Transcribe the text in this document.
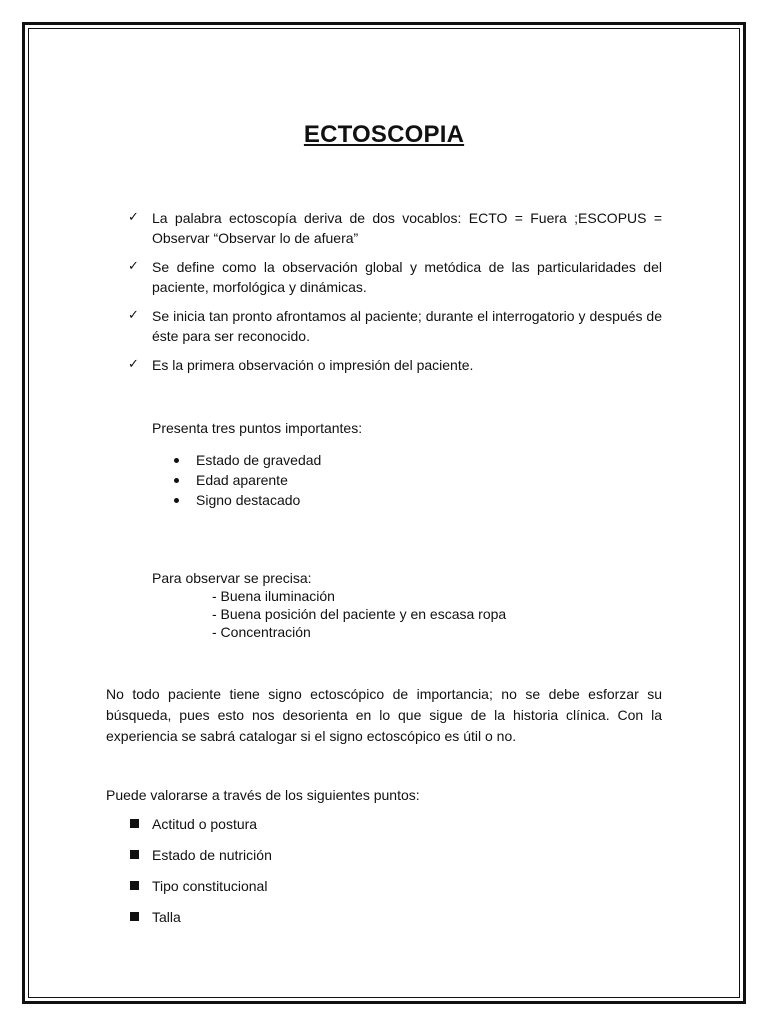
ECTOSCOPIA
✓ La palabra ectoscopía deriva de dos vocablos: ECTO = Fuera ;ESCOPUS = Observar “Observar lo de afuera”
✓ Se define como la observación global y metódica de las particularidades del paciente, morfológica y dinámicas.
✓ Se inicia tan pronto afrontamos al paciente; durante el interrogatorio y después de éste para ser reconocido.
✓ Es la primera observación o impresión del paciente.
Presenta tres puntos importantes:
Estado de gravedad
Edad aparente
Signo destacado
Para observar se precisa:
- Buena iluminación
- Buena posición del paciente y en escasa ropa
- Concentración

No todo paciente tiene signo ectoscópico de importancia; no se debe esforzar su búsqueda, pues esto nos desorienta en lo que sigue de la historia clínica. Con la experiencia se sabrá catalogar si el signo ectoscópico es útil o no.

Puede valorarse a través de los siguientes puntos:
Actitud o postura
Estado de nutrición
Tipo constitucional
Talla
